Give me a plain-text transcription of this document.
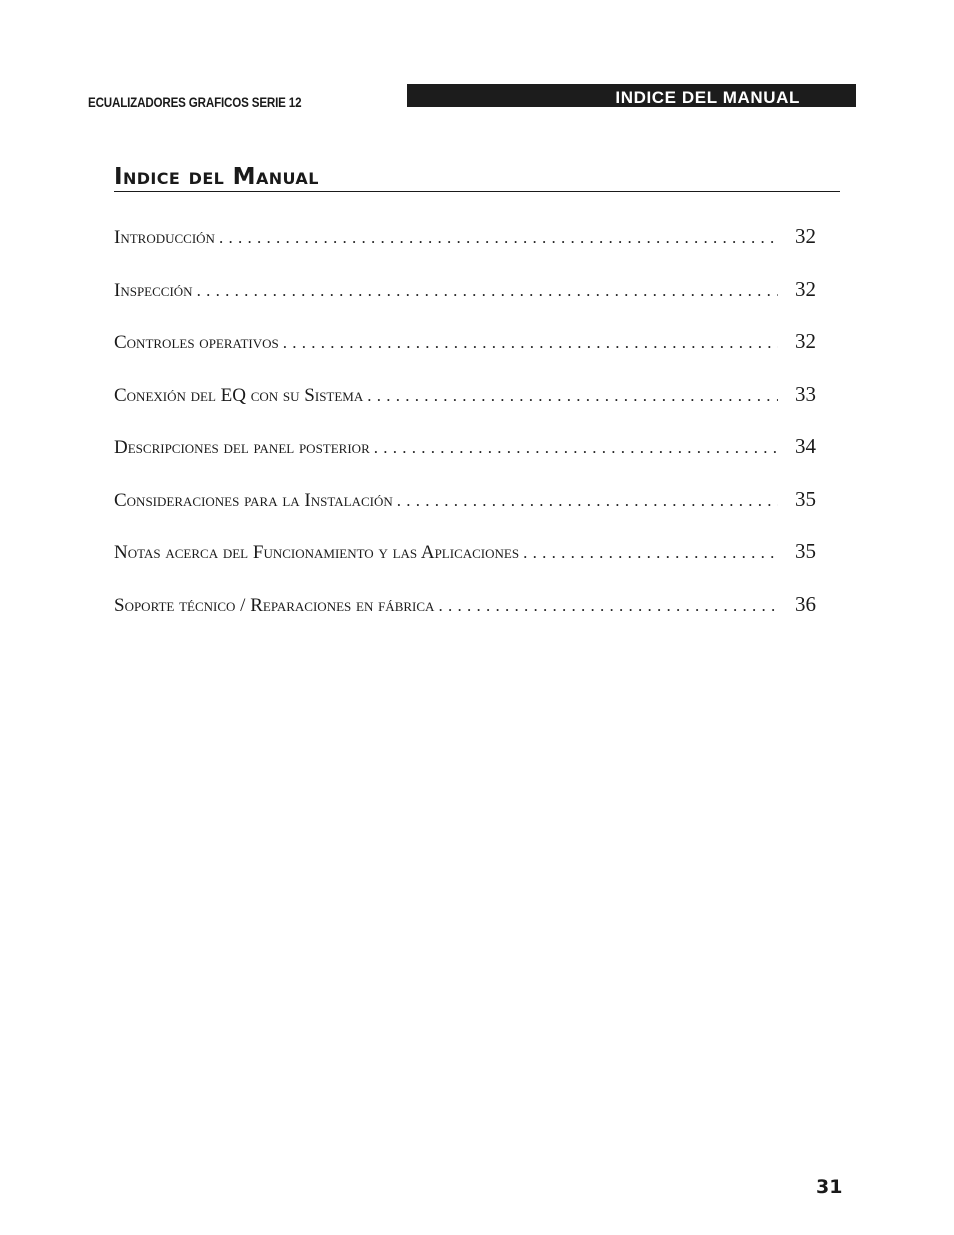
ECUALIZADORES GRAFICOS SERIE 12	INDICE DEL MANUAL
Indice del Manual
Introducción . . .	32
Inspección . . .	32
Controles operativos . . .	32
Conexión del EQ con su Sistema . . .	33
Descripciones del panel posterior . . .	34
Consideraciones para la Instalación . . .	35
Notas acerca del Funcionamiento y las Aplicaciones . . .	35
Soporte técnico / Reparaciones en fábrica . . .	36
31
